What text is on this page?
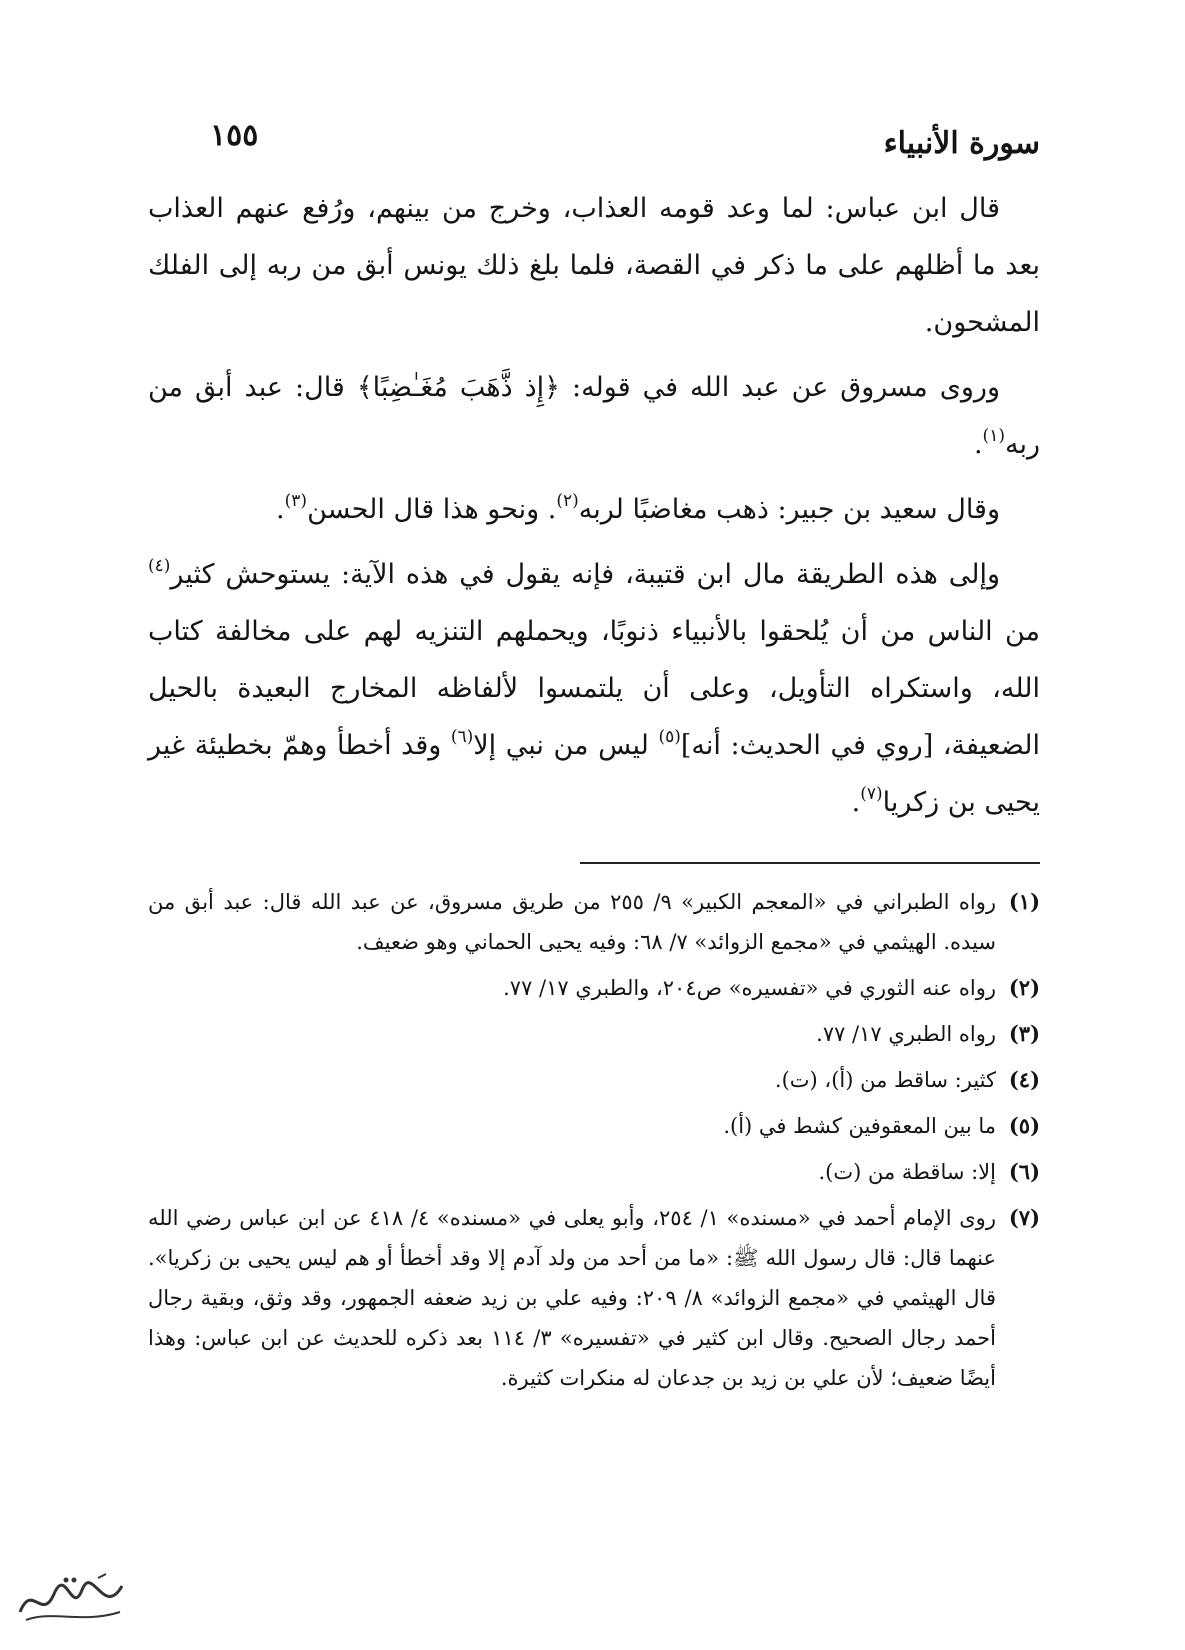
سورة الأنبياء
١٥٥

قال ابن عباس: لما وعد قومه العذاب، وخرج من بينهم، ورُفع عنهم العذاب بعد ما أظلهم على ما ذكر في القصة، فلما بلغ ذلك يونس أبق من ربه إلى الفلك المشحون.

وروى مسروق عن عبد الله في قوله: ﴿إِذ ذَّهَبَ مُغَـٰضِبًا﴾ قال: عبد أبق من ربه$^{(١)}$.

وقال سعيد بن جبير: ذهب مغاضبًا لربه$^{(٢)}$. ونحو هذا قال الحسن$^{(٣)}$.

وإلى هذه الطريقة مال ابن قتيبة، فإنه يقول في هذه الآية: يستوحش كثير$^{(٤)}$ من الناس من أن يُلحقوا بالأنبياء ذنوبًا، ويحملهم التنزيه لهم على مخالفة كتاب الله، واستكراه التأويل، وعلى أن يلتمسوا لألفاظه المخارج البعيدة بالحيل الضعيفة، [روي في الحديث: أنه]$^{(٥)}$ ليس من نبي إلا$^{(٦)}$ وقد أخطأ وهمّ بخطيئة غير يحيى بن زكريا$^{(٧)}$.

(١)
رواه الطبراني في «المعجم الكبير» ٩/ ٢٥٥ من طريق مسروق، عن عبد الله قال: عبد أبق من سيده. الهيثمي في «مجمع الزوائد» ٧/ ٦٨: وفيه يحيى الحماني وهو ضعيف.
(٢)
رواه عنه الثوري في «تفسيره» ص٢٠٤، والطبري ١٧/ ٧٧.
(٣)
رواه الطبري ١٧/ ٧٧.
(٤)
كثير: ساقط من (أ)، (ت).
(٥)
ما بين المعقوفين كشط في (أ).
(٦)
إلا: ساقطة من (ت).
(٧)
روى الإمام أحمد في «مسنده» ١/ ٢٥٤، وأبو يعلى في «مسنده» ٤/ ٤١٨ عن ابن عباس رضي الله عنهما قال: قال رسول الله ﷺ: «ما من أحد من ولد آدم إلا وقد أخطأ أو هم ليس يحيى بن زكريا». قال الهيثمي في «مجمع الزوائد» ٨/ ٢٠٩: وفيه علي بن زيد ضعفه الجمهور، وقد وثق، وبقية رجال أحمد رجال الصحيح. وقال ابن كثير في «تفسيره» ٣/ ١١٤ بعد ذكره للحديث عن ابن عباس: وهذا أيضًا ضعيف؛ لأن علي بن زيد بن جدعان له منكرات كثيرة.
